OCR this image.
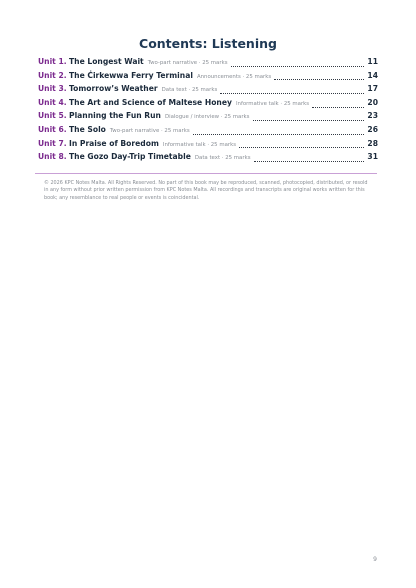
Contents: Listening
Unit 1. The Longest Wait Two-part narrative · 25 marks	11
Unit 2. The Ċirkewwa Ferry Terminal Announcements · 25 marks	14
Unit 3. Tomorrow’s Weather Data text · 25 marks	17
Unit 4. The Art and Science of Maltese Honey Informative talk · 25 marks	20
Unit 5. Planning the Fun Run Dialogue / interview · 25 marks	23
Unit 6. The Solo Two-part narrative · 25 marks	26
Unit 7. In Praise of Boredom Informative talk · 25 marks	28
Unit 8. The Gozo Day-Trip Timetable Data text · 25 marks	31
© 2026 KPC Notes Malta. All Rights Reserved. No part of this book may be reproduced, scanned, photocopied, distributed, or resold in any form without prior written permission from KPC Notes Malta. All recordings and transcripts are original works written for this book; any resemblance to real people or events is coincidental.
9
